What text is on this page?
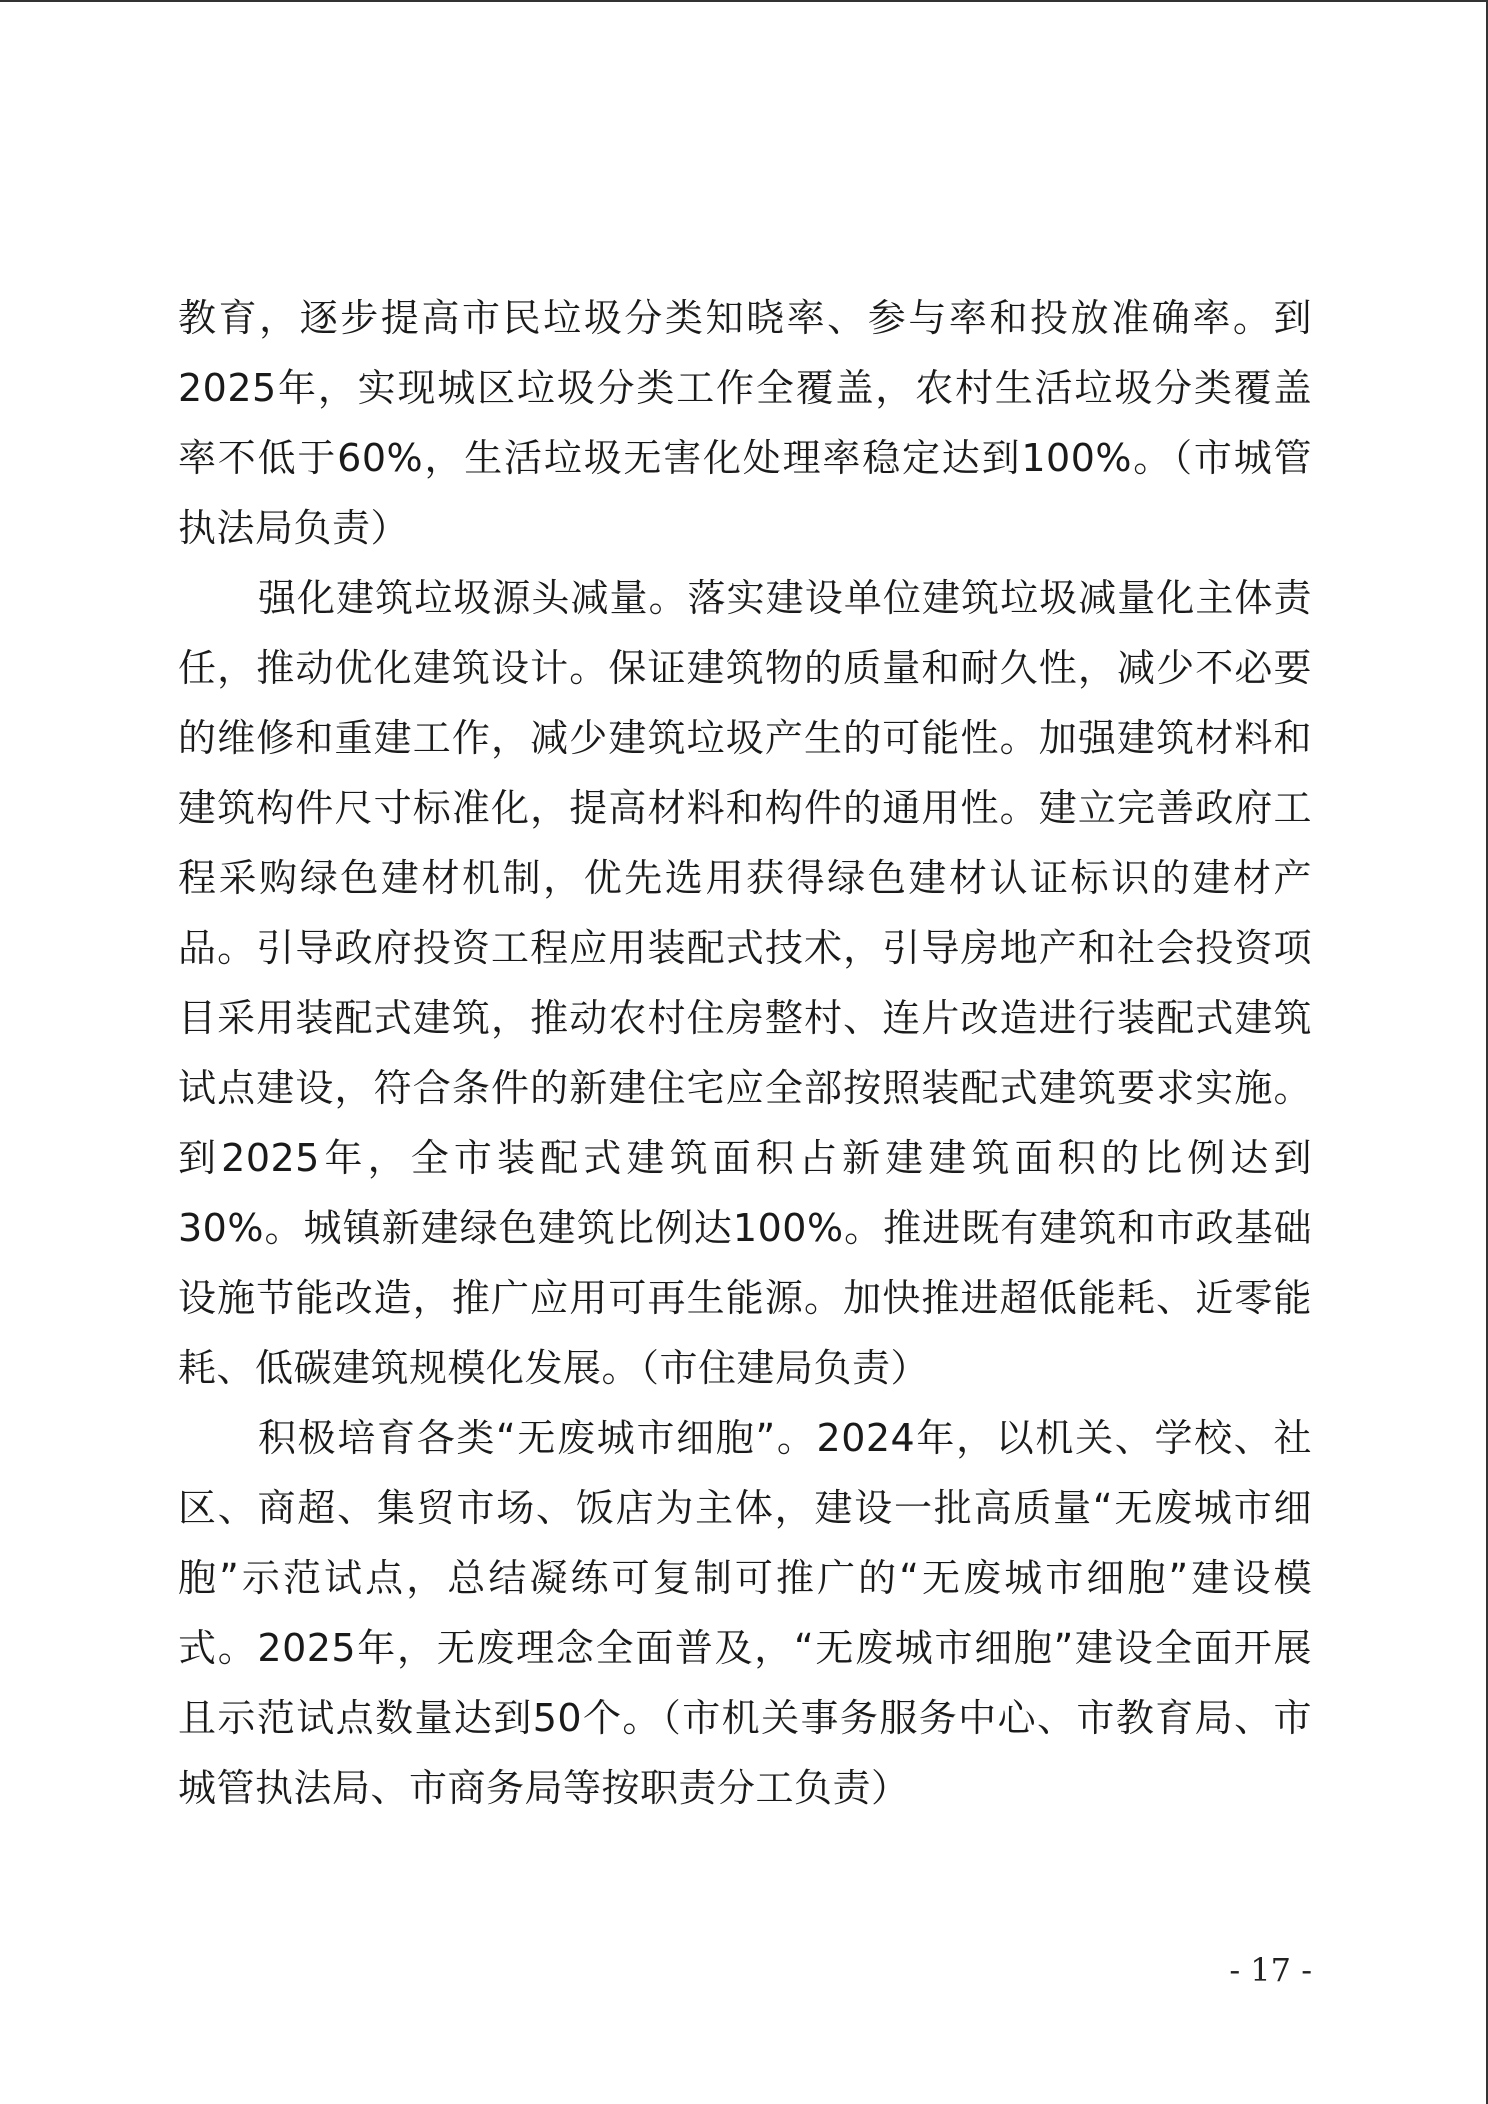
教育，逐步提高市民垃圾分类知晓率、参与率和投放准确率。到2025年，实现城区垃圾分类工作全覆盖，农村生活垃圾分类覆盖率不低于60%，生活垃圾无害化处理率稳定达到100%。（市城管执法局负责）

强化建筑垃圾源头减量。落实建设单位建筑垃圾减量化主体责任，推动优化建筑设计。保证建筑物的质量和耐久性，减少不必要的维修和重建工作，减少建筑垃圾产生的可能性。加强建筑材料和建筑构件尺寸标准化，提高材料和构件的通用性。建立完善政府工程采购绿色建材机制，优先选用获得绿色建材认证标识的建材产品。引导政府投资工程应用装配式技术，引导房地产和社会投资项目采用装配式建筑，推动农村住房整村、连片改造进行装配式建筑试点建设，符合条件的新建住宅应全部按照装配式建筑要求实施。到2025年，全市装配式建筑面积占新建建筑面积的比例达到30%。城镇新建绿色建筑比例达100%。推进既有建筑和市政基础设施节能改造，推广应用可再生能源。加快推进超低能耗、近零能耗、低碳建筑规模化发展。（市住建局负责）

积极培育各类“无废城市细胞”。2024年，以机关、学校、社区、商超、集贸市场、饭店为主体，建设一批高质量“无废城市细胞”示范试点，总结凝练可复制可推广的“无废城市细胞”建设模式。2025年，无废理念全面普及，“无废城市细胞”建设全面开展且示范试点数量达到50个。（市机关事务服务中心、市教育局、市城管执法局、市商务局等按职责分工负责）

- 17 -
